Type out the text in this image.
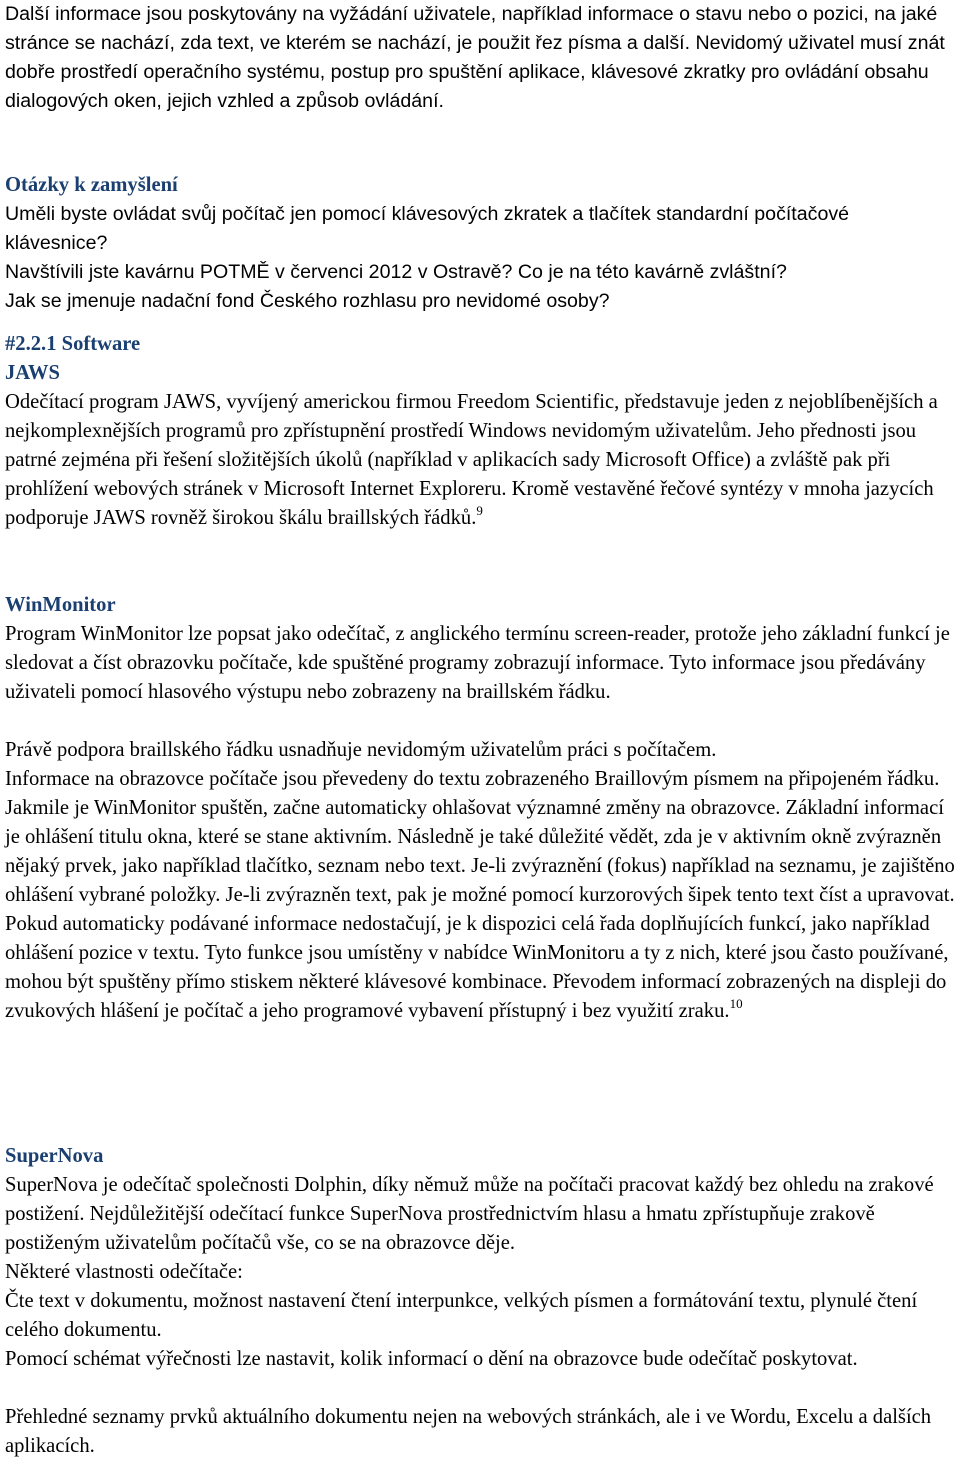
Další informace jsou poskytovány na vyžádání uživatele, například informace o stavu nebo o pozici, na jaké stránce se nachází, zda text, ve kterém se nachází, je použit řez písma a další. Nevidomý uživatel musí znát dobře prostředí operačního systému, postup pro spuštění aplikace, klávesové zkratky pro ovládání obsahu dialogových oken, jejich vzhled a způsob ovládání.

Otázky k zamyšlení

Uměli byste ovládat svůj počítač jen pomocí klávesových zkratek a tlačítek standardní počítačové klávesnice?

Navštívili jste kavárnu POTMĚ v červenci 2012 v Ostravě? Co je na této kavárně zvláštní?

Jak se jmenuje nadační fond Českého rozhlasu pro nevidomé osoby?

#2.2.1 Software

JAWS

Odečítací program JAWS, vyvíjený americkou firmou Freedom Scientific, představuje jeden z nejoblíbenějších a nejkomplexnějších programů pro zpřístupnění prostředí Windows nevidomým uživatelům. Jeho přednosti jsou patrné zejména při řešení složitějších úkolů (například v aplikacích sady Microsoft Office) a zvláště pak při prohlížení webových stránek v Microsoft Internet Exploreru. Kromě vestavěné řečové syntézy v mnoha jazycích podporuje JAWS rovněž širokou škálu braillských řádků.$^9$

WinMonitor

Program WinMonitor lze popsat jako odečítač, z anglického termínu screen-reader, protože jeho základní funkcí je sledovat a číst obrazovku počítače, kde spuštěné programy zobrazují informace. Tyto informace jsou předávány uživateli pomocí hlasového výstupu nebo zobrazeny na braillském řádku.

Právě podpora braillského řádku usnadňuje nevidomým uživatelům práci s počítačem.

Informace na obrazovce počítače jsou převedeny do textu zobrazeného Braillovým písmem na připojeném řádku. Jakmile je WinMonitor spuštěn, začne automaticky ohlašovat významné změny na obrazovce. Základní informací je ohlášení titulu okna, které se stane aktivním. Následně je také důležité vědět, zda je v aktivním okně zvýrazněn nějaký prvek, jako například tlačítko, seznam nebo text. Je-li zvýraznění (fokus) například na seznamu, je zajištěno ohlášení vybrané položky. Je-li zvýrazněn text, pak je možné pomocí kurzorových šipek tento text číst a upravovat. Pokud automaticky podávané informace nedostačují, je k dispozici celá řada doplňujících funkcí, jako například ohlášení pozice v textu. Tyto funkce jsou umístěny v nabídce WinMonitoru a ty z nich, které jsou často používané, mohou být spuštěny přímo stiskem některé klávesové kombinace. Převodem informací zobrazených na displeji do zvukových hlášení je počítač a jeho programové vybavení přístupný i bez využití zraku.$^{10}$

SuperNova

SuperNova je odečítač společnosti Dolphin, díky němuž může na počítači pracovat každý bez ohledu na zrakové postižení. Nejdůležitější odečítací funkce SuperNova prostřednictvím hlasu a hmatu zpřístupňuje zrakově postiženým uživatelům počítačů vše, co se na obrazovce děje.

Některé vlastnosti odečítače:

Čte text v dokumentu, možnost nastavení čtení interpunkce, velkých písmen a formátování textu, plynulé čtení celého dokumentu.

Pomocí schémat výřečnosti lze nastavit, kolik informací o dění na obrazovce bude odečítač poskytovat.

Přehledné seznamy prvků aktuálního dokumentu nejen na webových stránkách, ale i ve Wordu, Excelu a dalších aplikacích.
